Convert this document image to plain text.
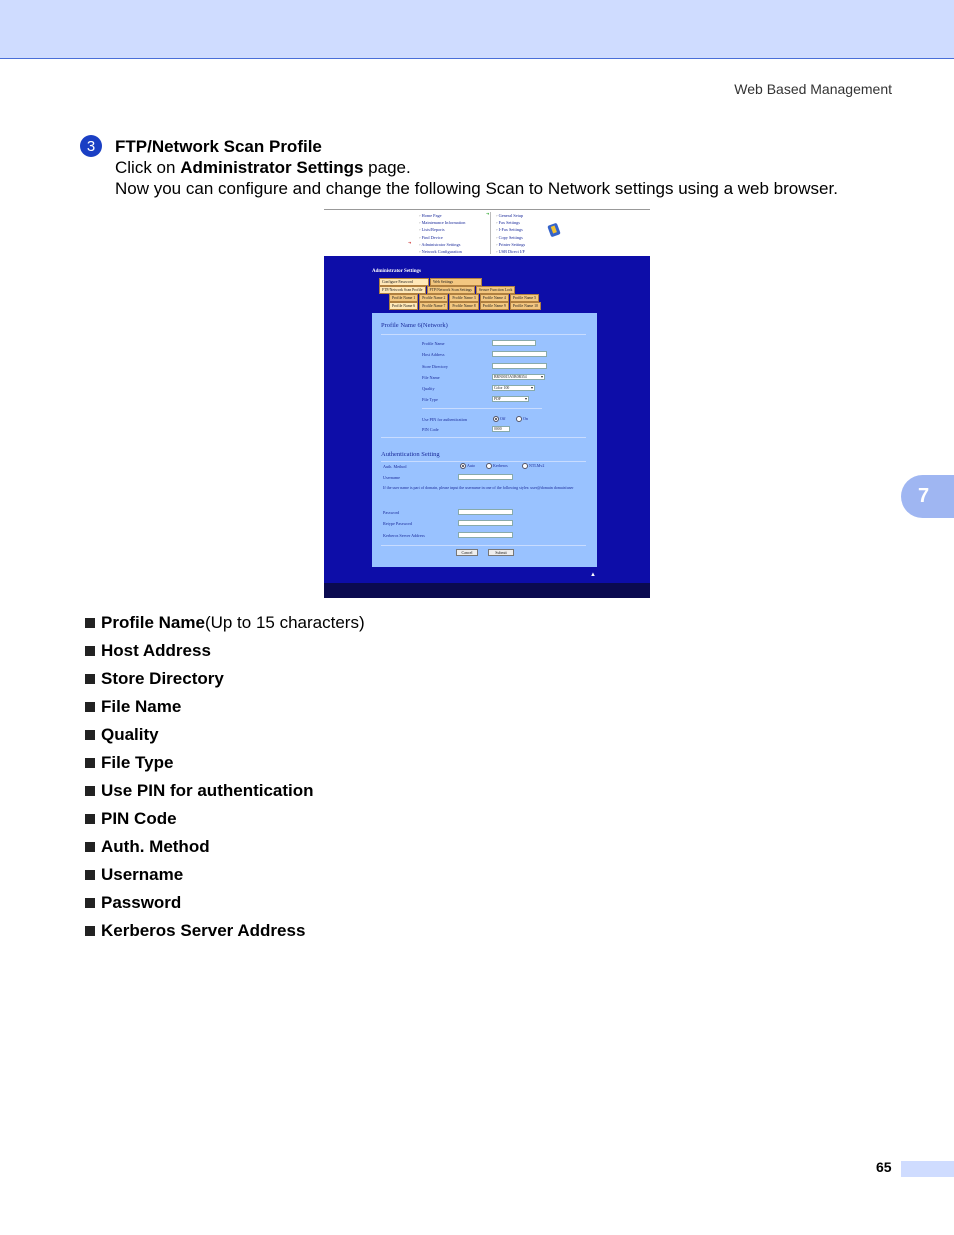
Web Based Management
7
3	FTP/Network Scan Profile
Click on Administrator Settings page.
Now you can configure and change the following Scan to Network settings using a web browser.
◦ Home Page
◦ Maintenance Information
◦ Lists/Reports
◦ Find Device
◦ Administrator Settings
◦ Network Configuration
➜
➜
◦	General Setup
◦ Fax Settings
◦ I-Fax Settings
◦ Copy Settings
◦ Printer Settings
◦ USB Direct I/F
Administrator Settings
Configure Password	Web Settings
FTP/Network Scan Profile	FTP/Network Scan Settings	Secure Function Lock
Profile Name 1	Profile Name 2	Profile Name 3	Profile Name 4	Profile Name 5
Profile Name 6	Profile Name 7	Profile Name 8	Profile Name 9	Profile Name 10
Profile Name 6(Network)
Profile Name
Host Address
Store Directory
File Name	BRN0015A5B0B354 ▾
Quality	Color 100 ▾
File Type	PDF ▾
Use PIN for authentication	Off	On
PIN Code	0000
Authentication Setting
Auth. Method	Auto	Kerberos	NTLMv2
Username
If the user name is part of domain, please input the username in one of the following styles: user@domain domain\user
Password
Retype Password
Kerberos Server Address
Cancel	Submit
▲
Profile Name (Up to 15 characters)
Host Address
Store Directory
File Name
Quality
File Type
Use PIN for authentication
PIN Code
Auth. Method
Username
Password
Kerberos Server Address
65
